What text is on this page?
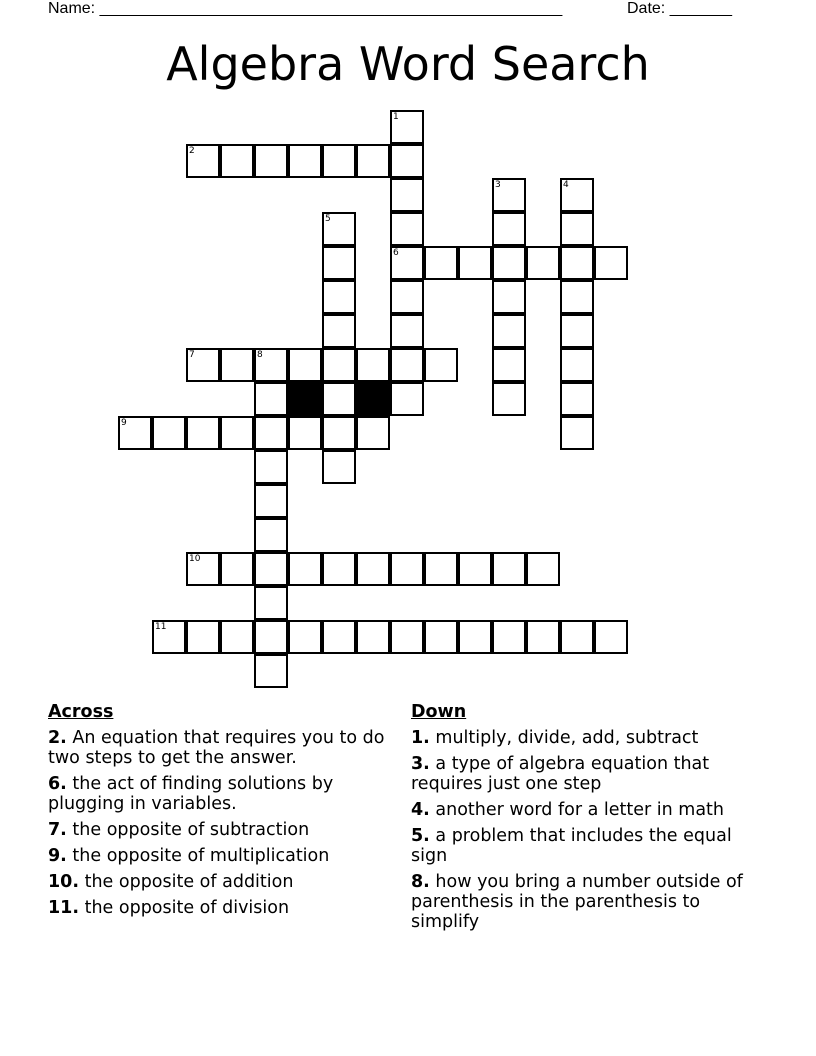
Name: ____________________________________________________	Date: _______
Algebra Word Search
1
6
2
3	4
5
7	8
9
10
11
Across
2. An equation that requires you to do two steps to get the answer.
6. the act of finding solutions by plugging in variables.
7. the opposite of subtraction
9. the opposite of multiplication
10. the opposite of addition
11. the opposite of division
Down
1. multiply, divide, add, subtract
3. a type of algebra equation that requires just one step
4. another word for a letter in math
5. a problem that includes the equal sign
8. how you bring a number outside of parenthesis in the parenthesis to simplify
